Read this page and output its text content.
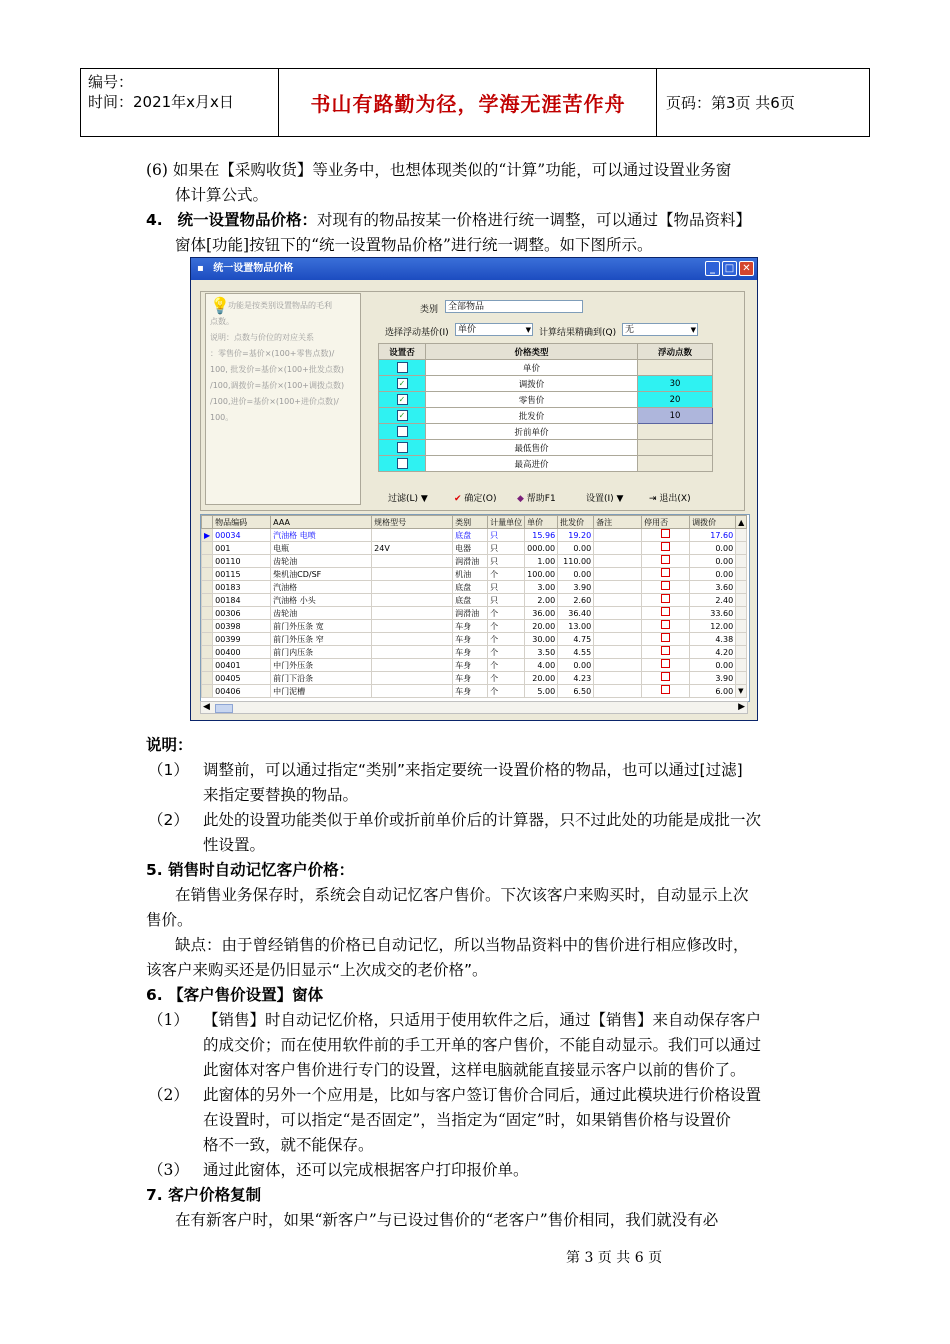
编号：
时间：2021年x月x日	书山有路勤为径，学海无涯苦作舟	页码：第3页 共6页
(6) 如果在【采购收货】等业务中，也想体现类似的“计算”功能，可以通过设置业务窗
体计算公式。
4. 统一设置物品价格：对现有的物品按某一价格进行统一调整，可以通过【物品资料】
窗体[功能]按钮下的“统一设置物品价格”进行统一调整。如下图所示。
▪ 统一设置物品价格	_ □ ✕
💡
功能是按类别设置物品的毛利
点数。
说明：点数与价位的对应关系
：零售价=基价×(100+零售点数)/
100, 批发价=基价×(100+批发点数)
/100,调拨价=基价×(100+调拨点数)
/100,进价=基价×(100+进价点数)/
100。
类别	全部物品
选择浮动基价(I)	单价	▼ 计算结果精确到(Q) 无	▼
设置否	价格类型	浮动点数
	单价	
✓	调拨价	30
✓	零售价	20
✓	批发价	10
	折前单价	
	最低售价	
	最高进价	
过滤(L) ▼	✔ 确定(O) ◆ 帮助F1	设置(I) ▼	⇥ 退出(X)
	物品编码	AAA	规格型号	类别	计量单位	单价	批发价	备注	停用否	调拨价	▲
▶	00034	汽油格 电喷		底盘	只	15.96	19.20			17.60	
	001	电瓶	24V	电器	只	000.00	0.00			0.00	
	00110	齿轮油		润滑油	只	1.00	110.00			0.00	
	00115	柴机油CD/SF		机油	个	100.00	0.00			0.00	
	00183	汽油格		底盘	只	3.00	3.90			3.60	
	00184	汽油格 小头		底盘	只	2.00	2.60			2.40	
	00306	齿轮油		润滑油	个	36.00	36.40			33.60	
	00398	前门外压条 宽		车身	个	20.00	13.00			12.00	
	00399	前门外压条 窄		车身	个	30.00	4.75			4.38	
	00400	前门内压条		车身	个	3.50	4.55			4.20	
	00401	中门外压条		车身	个	4.00	0.00			0.00	
	00405	前门下沿条		车身	个	20.00	4.23			3.90	
	00406	中门泥槽		车身	个	5.00	6.50			6.00	▼
◀	▶
说明：
（1） 调整前，可以通过指定“类别”来指定要统一设置价格的物品，也可以通过[过滤]
来指定要替换的物品。
（2） 此处的设置功能类似于单价或折前单价后的计算器，只不过此处的功能是成批一次
性设置。
5. 销售时自动记忆客户价格：
在销售业务保存时，系统会自动记忆客户售价。下次该客户来购买时，自动显示上次
售价。
缺点：由于曾经销售的价格已自动记忆，所以当物品资料中的售价进行相应修改时，
该客户来购买还是仍旧显示“上次成交的老价格”。
6. 【客户售价设置】窗体
（1） 【销售】时自动记忆价格，只适用于使用软件之后，通过【销售】来自动保存客户
的成交价；而在使用软件前的手工开单的客户售价，不能自动显示。我们可以通过
此窗体对客户售价进行专门的设置，这样电脑就能直接显示客户以前的售价了。
（2） 此窗体的另外一个应用是，比如与客户签订售价合同后，通过此模块进行价格设置
在设置时，可以指定“是否固定”，当指定为“固定”时，如果销售价格与设置价
格不一致，就不能保存。
（3） 通过此窗体，还可以完成根据客户打印报价单。
7. 客户价格复制
在有新客户时，如果“新客户”与已设过售价的“老客户”售价相同，我们就没有必
第 3 页 共 6 页
